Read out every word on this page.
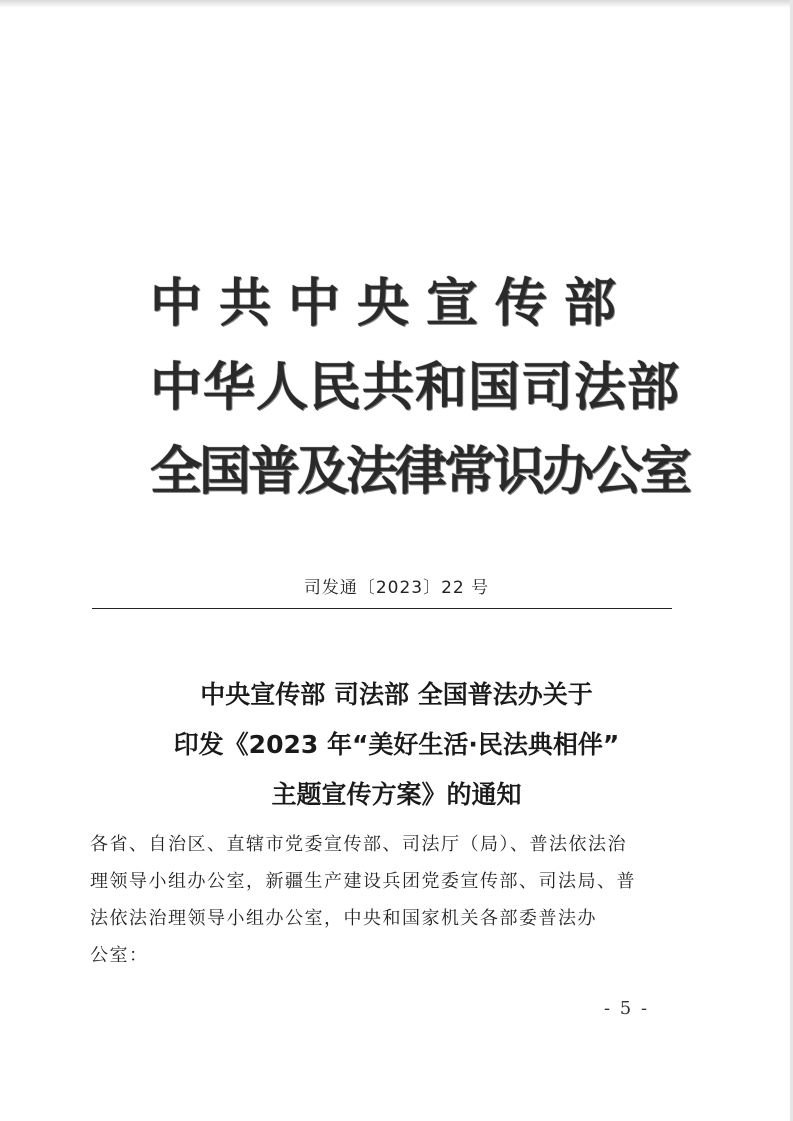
中共中央宣传部
中华人民共和国司法部
全国普及法律常识办公室
司发通〔2023〕22 号
中央宣传部 司法部 全国普法办关于
印发《2023 年“美好生活·民法典相伴”
主题宣传方案》的通知
各省、自治区、直辖市党委宣传部、司法厅（局）、普法依法治
理领导小组办公室，新疆生产建设兵团党委宣传部、司法局、普
法依法治理领导小组办公室，中央和国家机关各部委普法办
公室：
- 5 -
